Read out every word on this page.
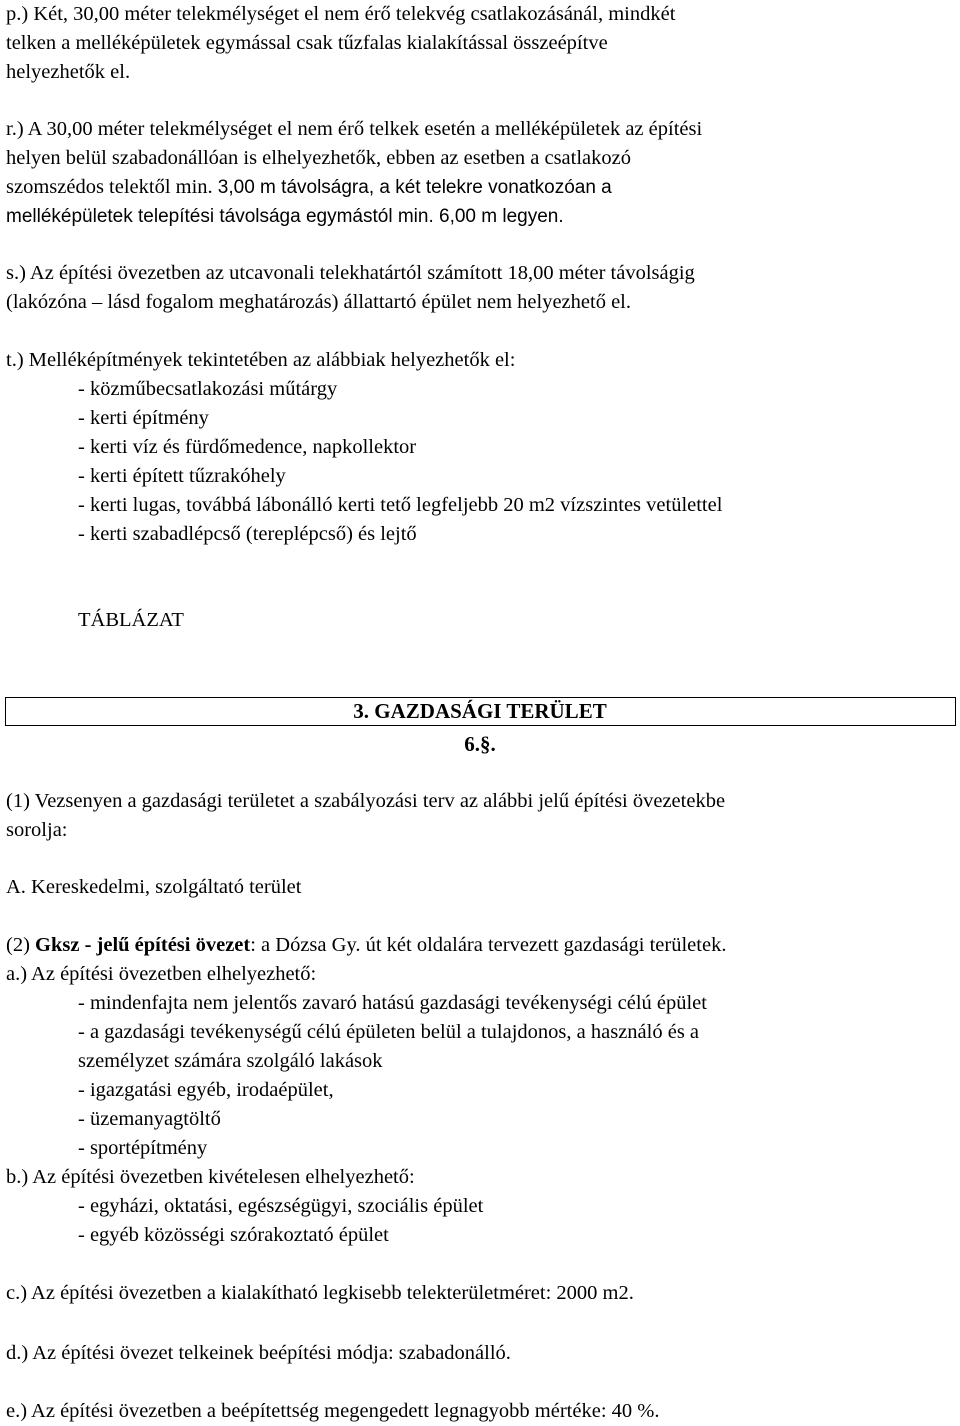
p.) Két, 30,00 méter telekmélységet el nem érő telekvég csatlakozásánál, mindkét
telken a melléképületek egymással csak tűzfalas kialakítással összeépítve
helyezhetők el.
r.) A 30,00 méter telekmélységet el nem érő telkek esetén a melléképületek az építési
helyen belül szabadonállóan is elhelyezhetők, ebben az esetben a csatlakozó
szomszédos telektől min. 3,00 m távolságra, a két telekre vonatkozóan a
melléképületek telepítési távolsága egymástól min. 6,00 m legyen.
s.) Az építési övezetben az utcavonali telekhatártól számított 18,00 méter távolságig
(lakózóna – lásd fogalom meghatározás) állattartó épület nem helyezhető el.
t.) Melléképítmények tekintetében az alábbiak helyezhetők el:
- közműbecsatlakozási műtárgy
- kerti építmény
- kerti víz és fürdőmedence, napkollektor
- kerti épített tűzrakóhely
- kerti lugas, továbbá lábonálló kerti tető legfeljebb 20 m2 vízszintes vetülettel
- kerti szabadlépcső (tereplépcső) és lejtő
TÁBLÁZAT
3. GAZDASÁGI TERÜLET
6.§.
(1) Vezsenyen a gazdasági területet a szabályozási terv az alábbi jelű építési övezetekbe
sorolja:
A. Kereskedelmi, szolgáltató terület
(2) Gksz - jelű építési övezet: a Dózsa Gy. út két oldalára tervezett gazdasági területek.
a.) Az építési övezetben elhelyezhető:
- mindenfajta nem jelentős zavaró hatású gazdasági tevékenységi célú épület
- a gazdasági tevékenységű célú épületen belül a tulajdonos, a használó és a
személyzet számára szolgáló lakások
- igazgatási egyéb, irodaépület,
- üzemanyagtöltő
- sportépítmény
b.) Az építési övezetben kivételesen elhelyezhető:
- egyházi, oktatási, egészségügyi, szociális épület
- egyéb közösségi szórakoztató épület
c.) Az építési övezetben a kialakítható legkisebb telekterületméret: 2000 m2.
d.) Az építési övezet telkeinek beépítési módja: szabadonálló.
e.) Az építési övezetben a beépítettség megengedett legnagyobb mértéke: 40 %.
